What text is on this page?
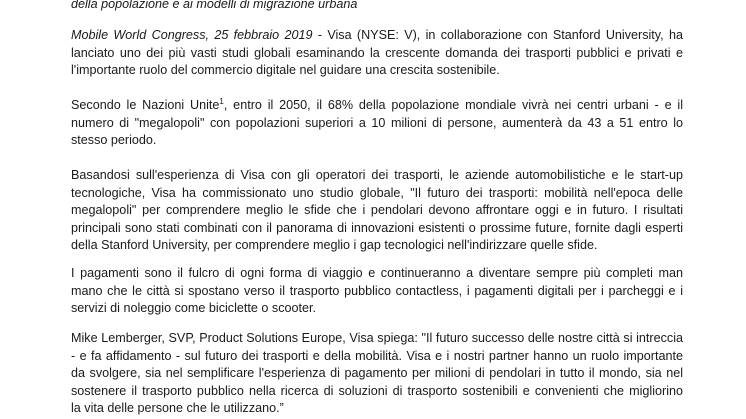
della popolazione e ai modelli di migrazione urbana
Mobile World Congress, 25 febbraio 2019 - Visa (NYSE: V), in collaborazione con Stanford University, ha
lanciato uno dei più vasti studi globali esaminando la crescente domanda dei trasporti pubblici e privati e
l'importante ruolo del commercio digitale nel guidare una crescita sostenibile.
Secondo le Nazioni Unite$^1$, entro il 2050, il 68% della popolazione mondiale vivrà nei centri urbani - e il
numero di "megalopoli" con popolazioni superiori a 10 milioni di persone, aumenterà da 43 a 51 entro lo
stesso periodo.
Basandosi sull'esperienza di Visa con gli operatori dei trasporti, le aziende automobilistiche e le start-up
tecnologiche, Visa ha commissionato uno studio globale, "Il futuro dei trasporti: mobilità nell'epoca delle
megalopoli" per comprendere meglio le sfide che i pendolari devono affrontare oggi e in futuro. I risultati
principali sono stati combinati con il panorama di innovazioni esistenti o prossime future, fornite dagli esperti
della Stanford University, per comprendere meglio i gap tecnologici nell'indirizzare quelle sfide.
I pagamenti sono il fulcro di ogni forma di viaggio e continueranno a diventare sempre più completi man
mano che le città si spostano verso il trasporto pubblico contactless, i pagamenti digitali per i parcheggi e i
servizi di noleggio come biciclette o scooter.
Mike Lemberger, SVP, Product Solutions Europe, Visa spiega: "Il futuro successo delle nostre città si intreccia
- e fa affidamento - sul futuro dei trasporti e della mobilità. Visa e i nostri partner hanno un ruolo importante
da svolgere, sia nel semplificare l'esperienza di pagamento per milioni di pendolari in tutto il mondo, sia nel
sostenere il trasporto pubblico nella ricerca di soluzioni di trasporto sostenibili e convenienti che migliorino
la vita delle persone che le utilizzano.”
